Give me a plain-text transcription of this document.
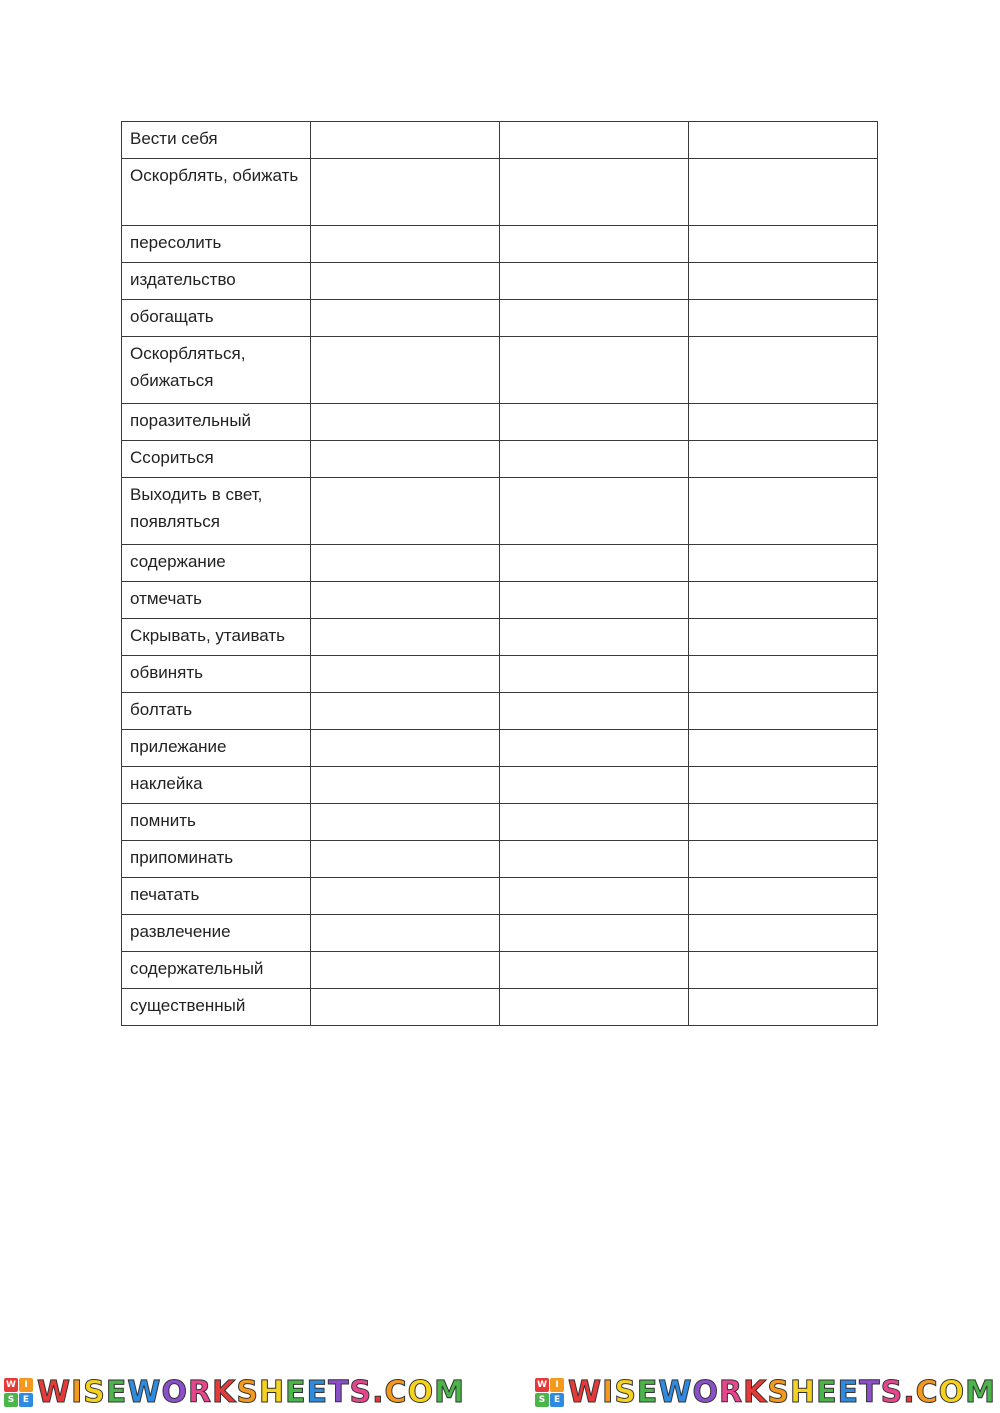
Вести себя			
Оскорблять, обижать			
пересолить			
издательство			
обогащать			
Оскорбляться, обижаться			
поразительный			
Ссориться			
Выходить в свет, появляться			
содержание			
отмечать			
Скрывать, утаивать			
обвинять			
болтать			
прилежание			
наклейка			
помнить			
припоминать			
печатать			
развлечение			
содержательный			
существенный			
W I
S E WISEWORKSHEETS.COM	W I
S E WISEWORKSHEETS.COM
